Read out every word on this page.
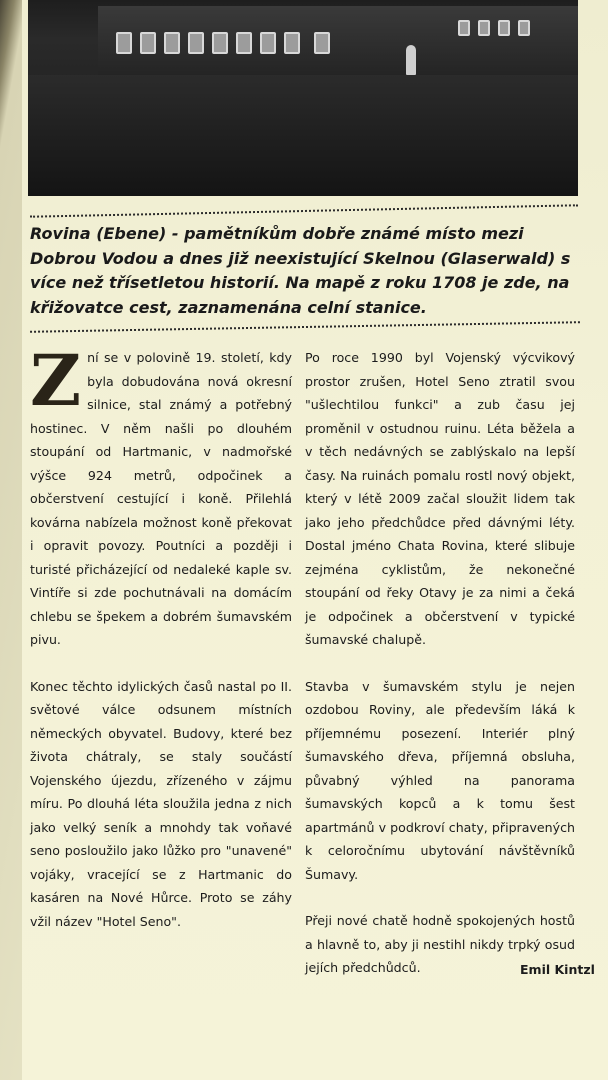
Rovina (Ebene) - pamětníkům dobře známé místo mezi Dobrou Vodou a dnes již neexistující Skelnou (Glaserwald) s více než třísetletou historií. Na mapě z roku 1708 je zde, na křižovatce cest, zaznamenána celní stanice.

Zní se v polovině 19. století, kdy byla dobudována nová okresní silnice, stal známý a potřebný hostinec. V něm našli po dlouhém stoupání od Hartmanic, v nadmořské výšce 924 metrů, odpočinek a občerstvení cestující i koně. Přilehlá kovárna nabízela možnost koně překovat i opravit povozy. Poutníci a později i turisté přicházející od nedaleké kaple sv. Vintíře si zde pochutnávali na domácím chlebu se špekem a dobrém šumavském pivu.

Konec těchto idylických časů nastal po II. světové válce odsunem místních německých obyvatel. Budovy, které bez života chátraly, se staly součástí Vojenského újezdu, zřízeného v zájmu míru. Po dlouhá léta sloužila jedna z nich jako velký seník a mnohdy tak voňavé seno posloužilo jako lůžko pro "unavené" vojáky, vracející se z Hartmanic do kasáren na Nové Hůrce. Proto se záhy vžil název "Hotel Seno".

Po roce 1990 byl Vojenský výcvikový prostor zrušen, Hotel Seno ztratil svou "ušlechtilou funkci" a zub času jej proměnil v ostudnou ruinu. Léta běžela a v těch nedávných se zablýskalo na lepší časy. Na ruinách pomalu rostl nový objekt, který v létě 2009 začal sloužit lidem tak jako jeho předchůdce před dávnými léty. Dostal jméno Chata Rovina, které slibuje zejména cyklistům, že nekonečné stoupání od řeky Otavy je za nimi a čeká je odpočinek a občerstvení v typické šumavské chalupě.

Stavba v šumavském stylu je nejen ozdobou Roviny, ale především láká k příjemnému posezení. Interiér plný šumavského dřeva, příjemná obsluha, půvabný výhled na panorama šumavských kopců a k tomu šest apartmánů v podkroví chaty, připravených k celoročnímu ubytování návštěvníků Šumavy.

Přeji nové chatě hodně spokojených hostů a hlavně to, aby ji nestihl nikdy trpký osud jejích předchůdců.	Emil Kintzl
